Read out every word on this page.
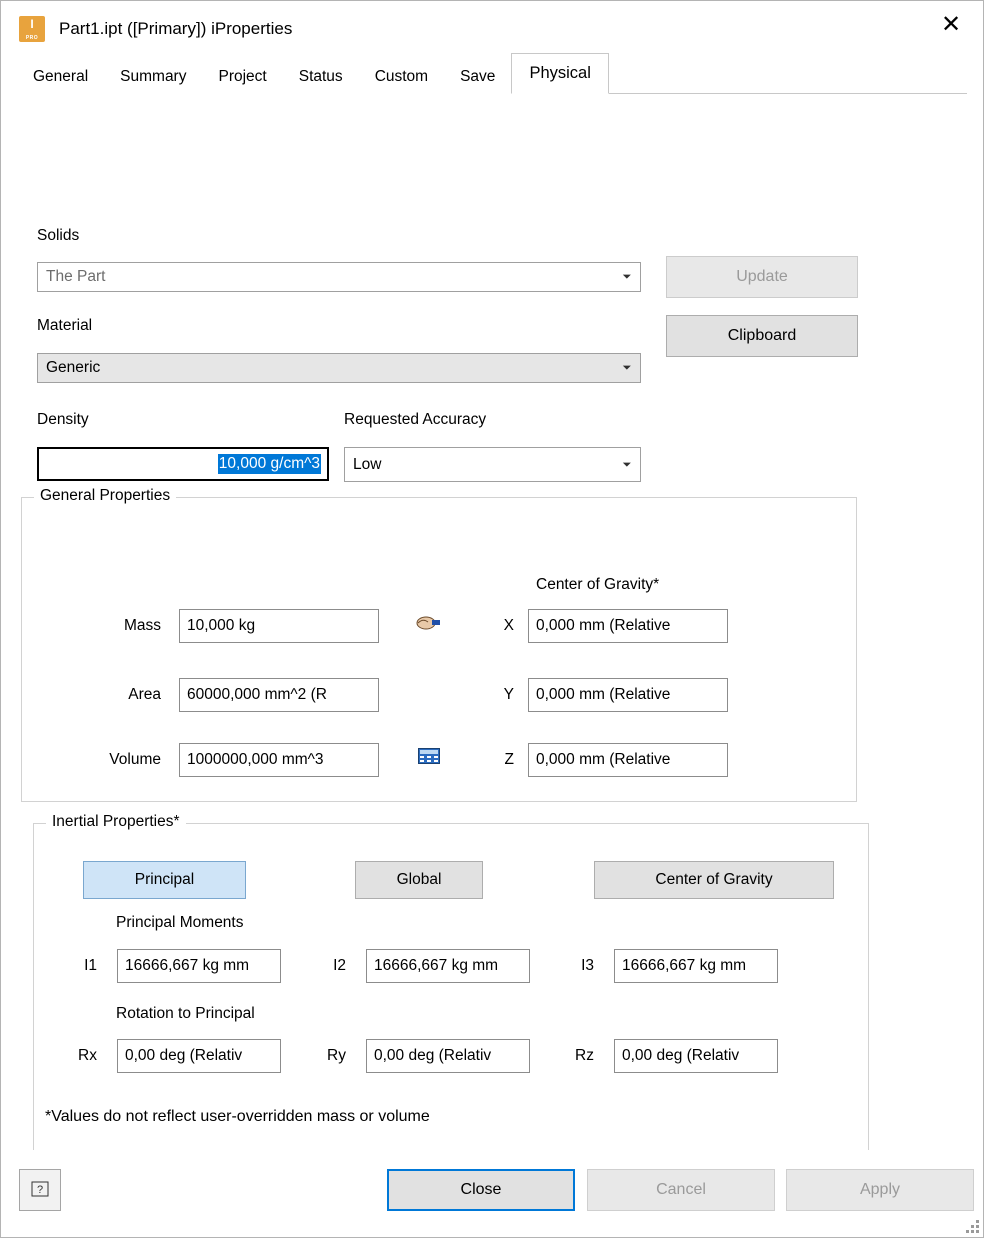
I
PRO	Part1.ipt ([Primary]) iProperties	✕
General	Summary	Project	Status	Custom	Save	Physical
Solids
The Part	⏷	Update
Clipboard
Material
Generic	⏷
Density
10,000 g/cm^3
Requested Accuracy
Low	⏷
General Properties
Center of Gravity*
Mass	10,000 kg	X	0,000 mm (Relative
Area	60000,000 mm^2 (R	Y	0,000 mm (Relative
Volume	1000000,000 mm^3	Z	0,000 mm (Relative
Inertial Properties*
Principal	Global	Center of Gravity
Principal Moments
I1	16666,667 kg mm	I2	16666,667 kg mm	I3	16666,667 kg mm
Rotation to Principal
Rx	0,00 deg (Relativ	Ry	0,00 deg (Relativ	Rz	0,00 deg (Relativ
*Values do not reflect user-overridden mass or volume
?	Close	Cancel	Apply
